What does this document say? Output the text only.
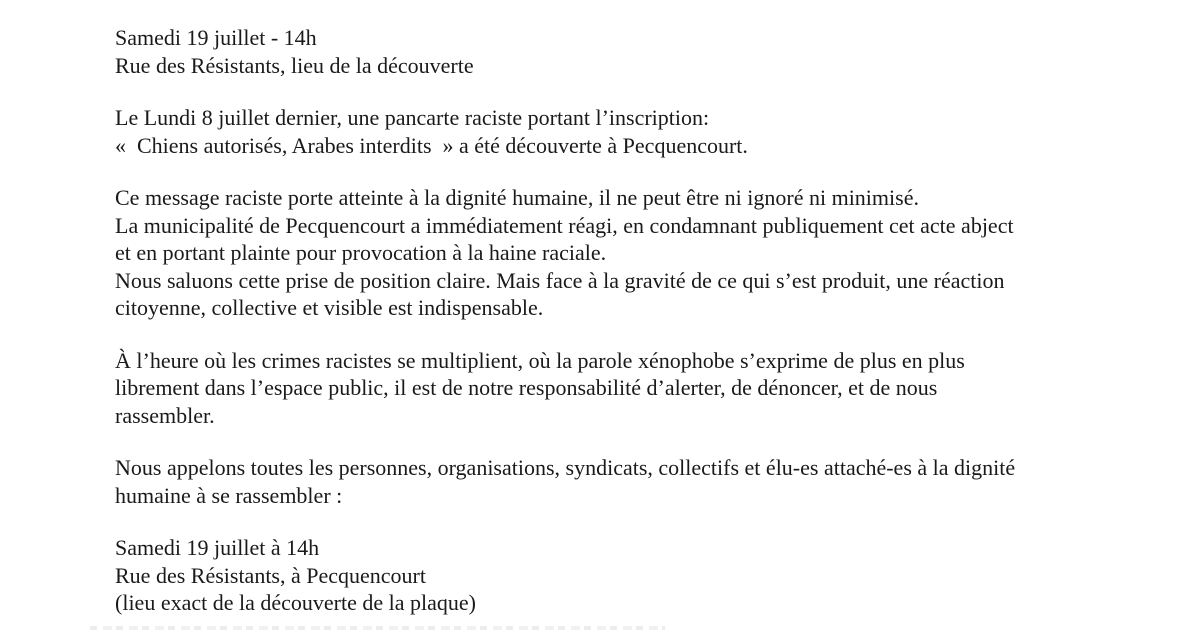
Samedi 19 juillet - 14h
Rue des Résistants, lieu de la découverte
Le Lundi 8 juillet dernier, une pancarte raciste portant l’inscription:
« Chiens autorisés, Arabes interdits » a été découverte à Pecquencourt.
Ce message raciste porte atteinte à la dignité humaine, il ne peut être ni ignoré ni minimisé.
La municipalité de Pecquencourt a immédiatement réagi, en condamnant publiquement cet acte abject
et en portant plainte pour provocation à la haine raciale.
Nous saluons cette prise de position claire. Mais face à la gravité de ce qui s’est produit, une réaction
citoyenne, collective et visible est indispensable.
À l’heure où les crimes racistes se multiplient, où la parole xénophobe s’exprime de plus en plus
librement dans l’espace public, il est de notre responsabilité d’alerter, de dénoncer, et de nous
rassembler.
Nous appelons toutes les personnes, organisations, syndicats, collectifs et élu-es attaché-es à la dignité
humaine à se rassembler :
Samedi 19 juillet à 14h
Rue des Résistants, à Pecquencourt
(lieu exact de la découverte de la plaque)
